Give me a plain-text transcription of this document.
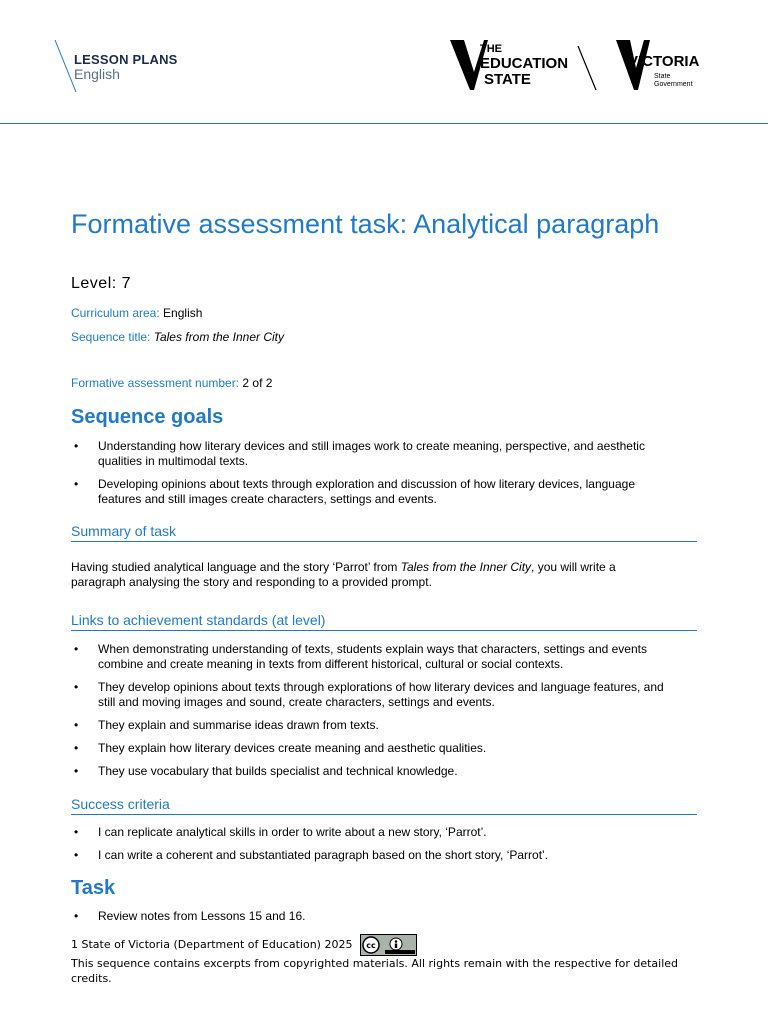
LESSON PLANS
English
THE
EDUCATION
STATE
VICTORIA
State
Government
Formative assessment task: Analytical paragraph
Level: 7
Curriculum area: English
Sequence title: Tales from the Inner City
Formative assessment number: 2 of 2
Sequence goals
• Understanding how literary devices and still images work to create meaning, perspective, and aesthetic
qualities in multimodal texts.
• Developing opinions about texts through exploration and discussion of how literary devices, language
features and still images create characters, settings and events.
Summary of task
Having studied analytical language and the story ‘Parrot’ from Tales from the Inner City, you will write a
paragraph analysing the story and responding to a provided prompt.
Links to achievement standards (at level)
• When demonstrating understanding of texts, students explain ways that characters, settings and events
combine and create meaning in texts from different historical, cultural or social contexts.
• They develop opinions about texts through explorations of how literary devices and language features, and
still and moving images and sound, create characters, settings and events.
• They explain and summarise ideas drawn from texts.
• They explain how literary devices create meaning and aesthetic qualities.
• They use vocabulary that builds specialist and technical knowledge.
Success criteria
• I can replicate analytical skills in order to write about a new story, ‘Parrot’.
• I can write a coherent and substantiated paragraph based on the short story, ‘Parrot’.
Task
• Review notes from Lessons 15 and 16.
1 State of Victoria (Department of Education) 2025 cc

This sequence contains excerpts from copyrighted materials. All rights remain with the respective for detailed
credits.
